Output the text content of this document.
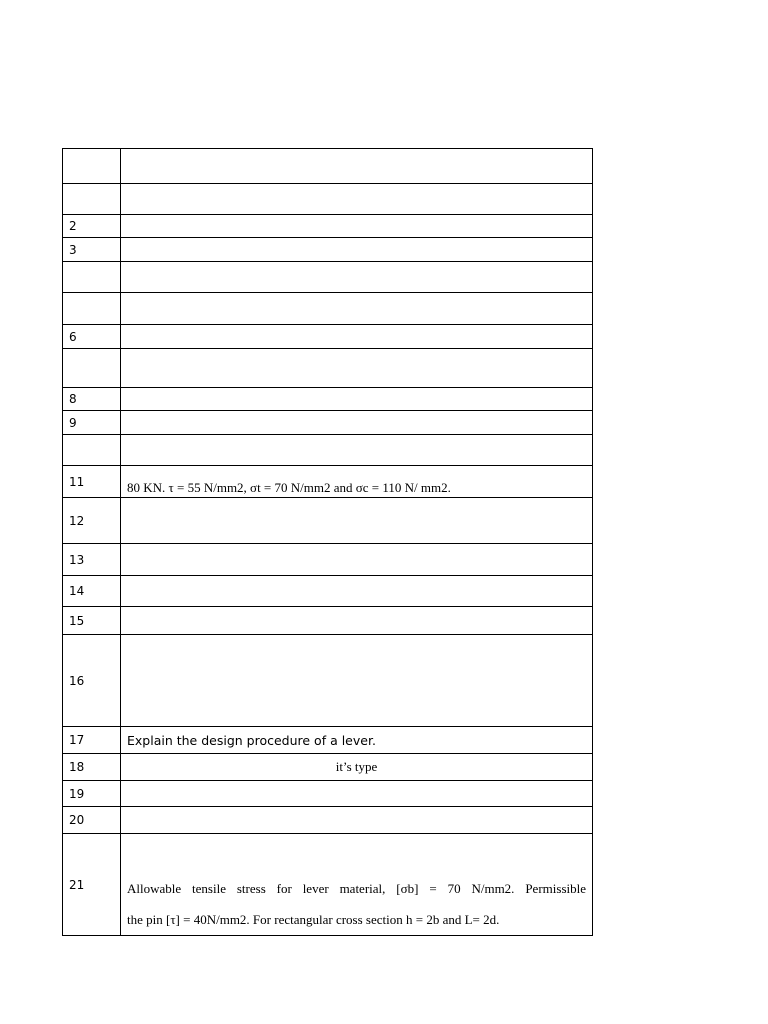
2	
3	

6	

8	
9	

11	80 KN. τ = 55 N/mm2, σt = 70 N/mm2 and σc = 110 N/ mm2.
12	
13	
14	
15	
16	
17	Explain the design procedure of a lever.
18	it’s type
19	
20	
21	Allowable tensile stress for lever material, [σb] = 70 N/mm2. Permissible
the pin [τ] = 40N/mm2. For rectangular cross section h = 2b and L= 2d.
